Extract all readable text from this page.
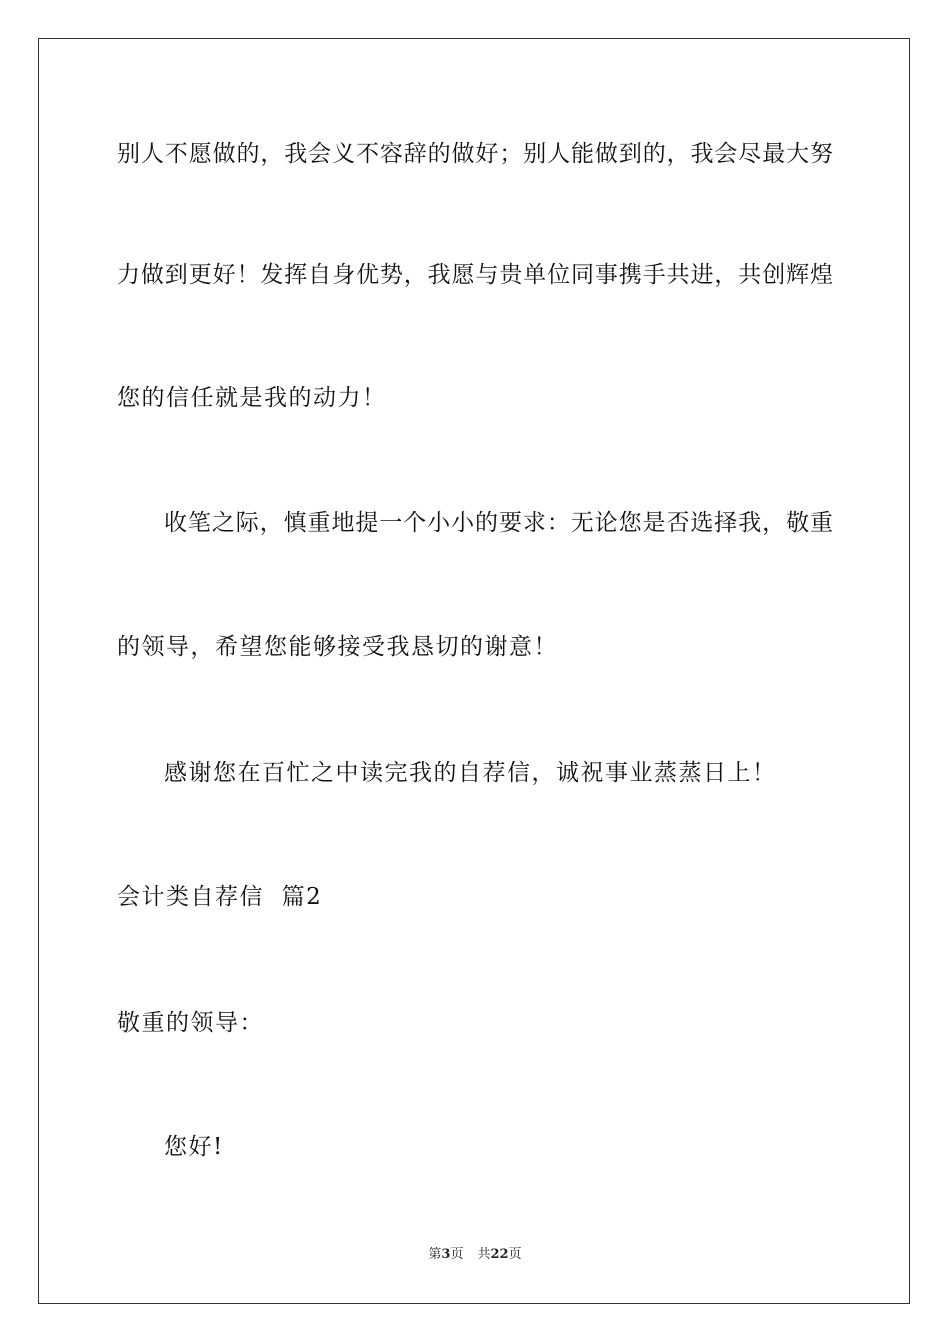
别人不愿做的，我会义不容辞的做好；别人能做到的，我会尽最大努
力做到更好！发挥自身优势，我愿与贵单位同事携手共进，共创辉煌
您的信任就是我的动力！
收笔之际，慎重地提一个小小的要求：无论您是否选择我，敬重
的领导，希望您能够接受我恳切的谢意！
感谢您在百忙之中读完我的自荐信，诚祝事业蒸蒸日上！
会计类自荐信  篇2
敬重的领导：
您好!
第3页 共22页
